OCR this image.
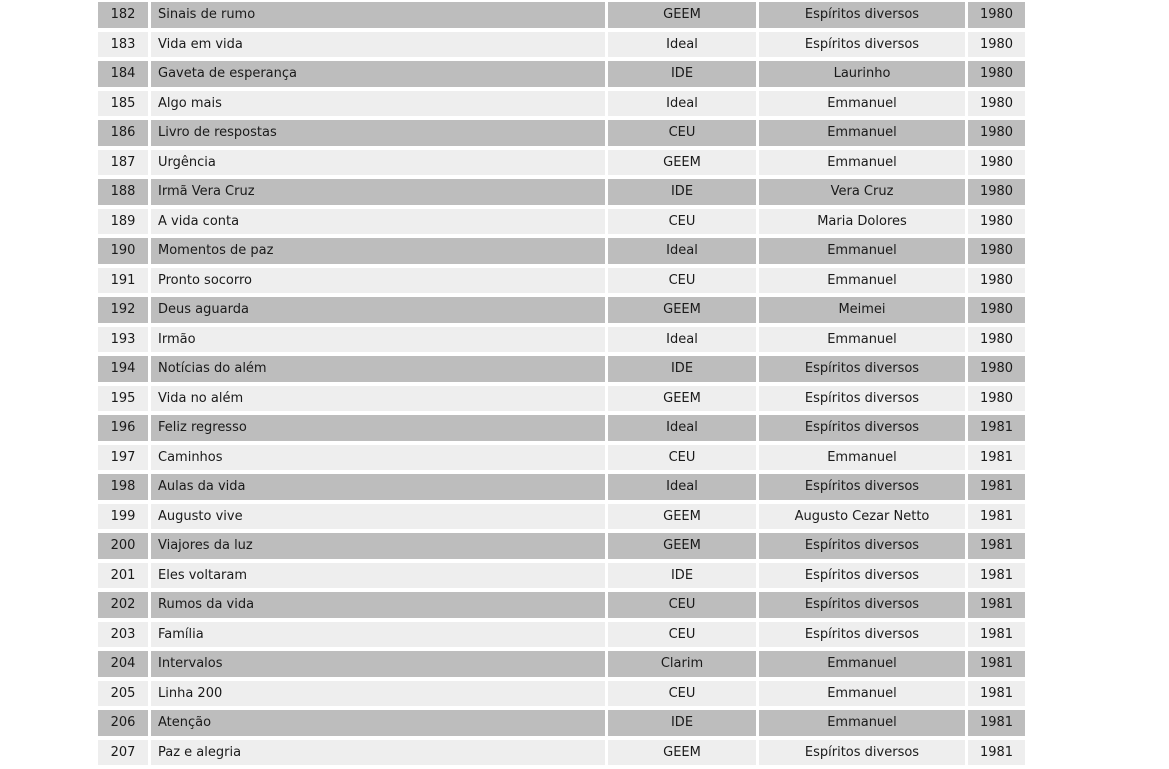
182	Sinais de rumo	GEEM	Espíritos diversos	1980
183	Vida em vida	Ideal	Espíritos diversos	1980
184	Gaveta de esperança	IDE	Laurinho	1980
185	Algo mais	Ideal	Emmanuel	1980
186	Livro de respostas	CEU	Emmanuel	1980
187	Urgência	GEEM	Emmanuel	1980
188	Irmã Vera Cruz	IDE	Vera Cruz	1980
189	A vida conta	CEU	Maria Dolores	1980
190	Momentos de paz	Ideal	Emmanuel	1980
191	Pronto socorro	CEU	Emmanuel	1980
192	Deus aguarda	GEEM	Meimei	1980
193	Irmão	Ideal	Emmanuel	1980
194	Notícias do além	IDE	Espíritos diversos	1980
195	Vida no além	GEEM	Espíritos diversos	1980
196	Feliz regresso	Ideal	Espíritos diversos	1981
197	Caminhos	CEU	Emmanuel	1981
198	Aulas da vida	Ideal	Espíritos diversos	1981
199	Augusto vive	GEEM	Augusto Cezar Netto	1981
200	Viajores da luz	GEEM	Espíritos diversos	1981
201	Eles voltaram	IDE	Espíritos diversos	1981
202	Rumos da vida	CEU	Espíritos diversos	1981
203	Família	CEU	Espíritos diversos	1981
204	Intervalos	Clarim	Emmanuel	1981
205	Linha 200	CEU	Emmanuel	1981
206	Atenção	IDE	Emmanuel	1981
207	Paz e alegria	GEEM	Espíritos diversos	1981
